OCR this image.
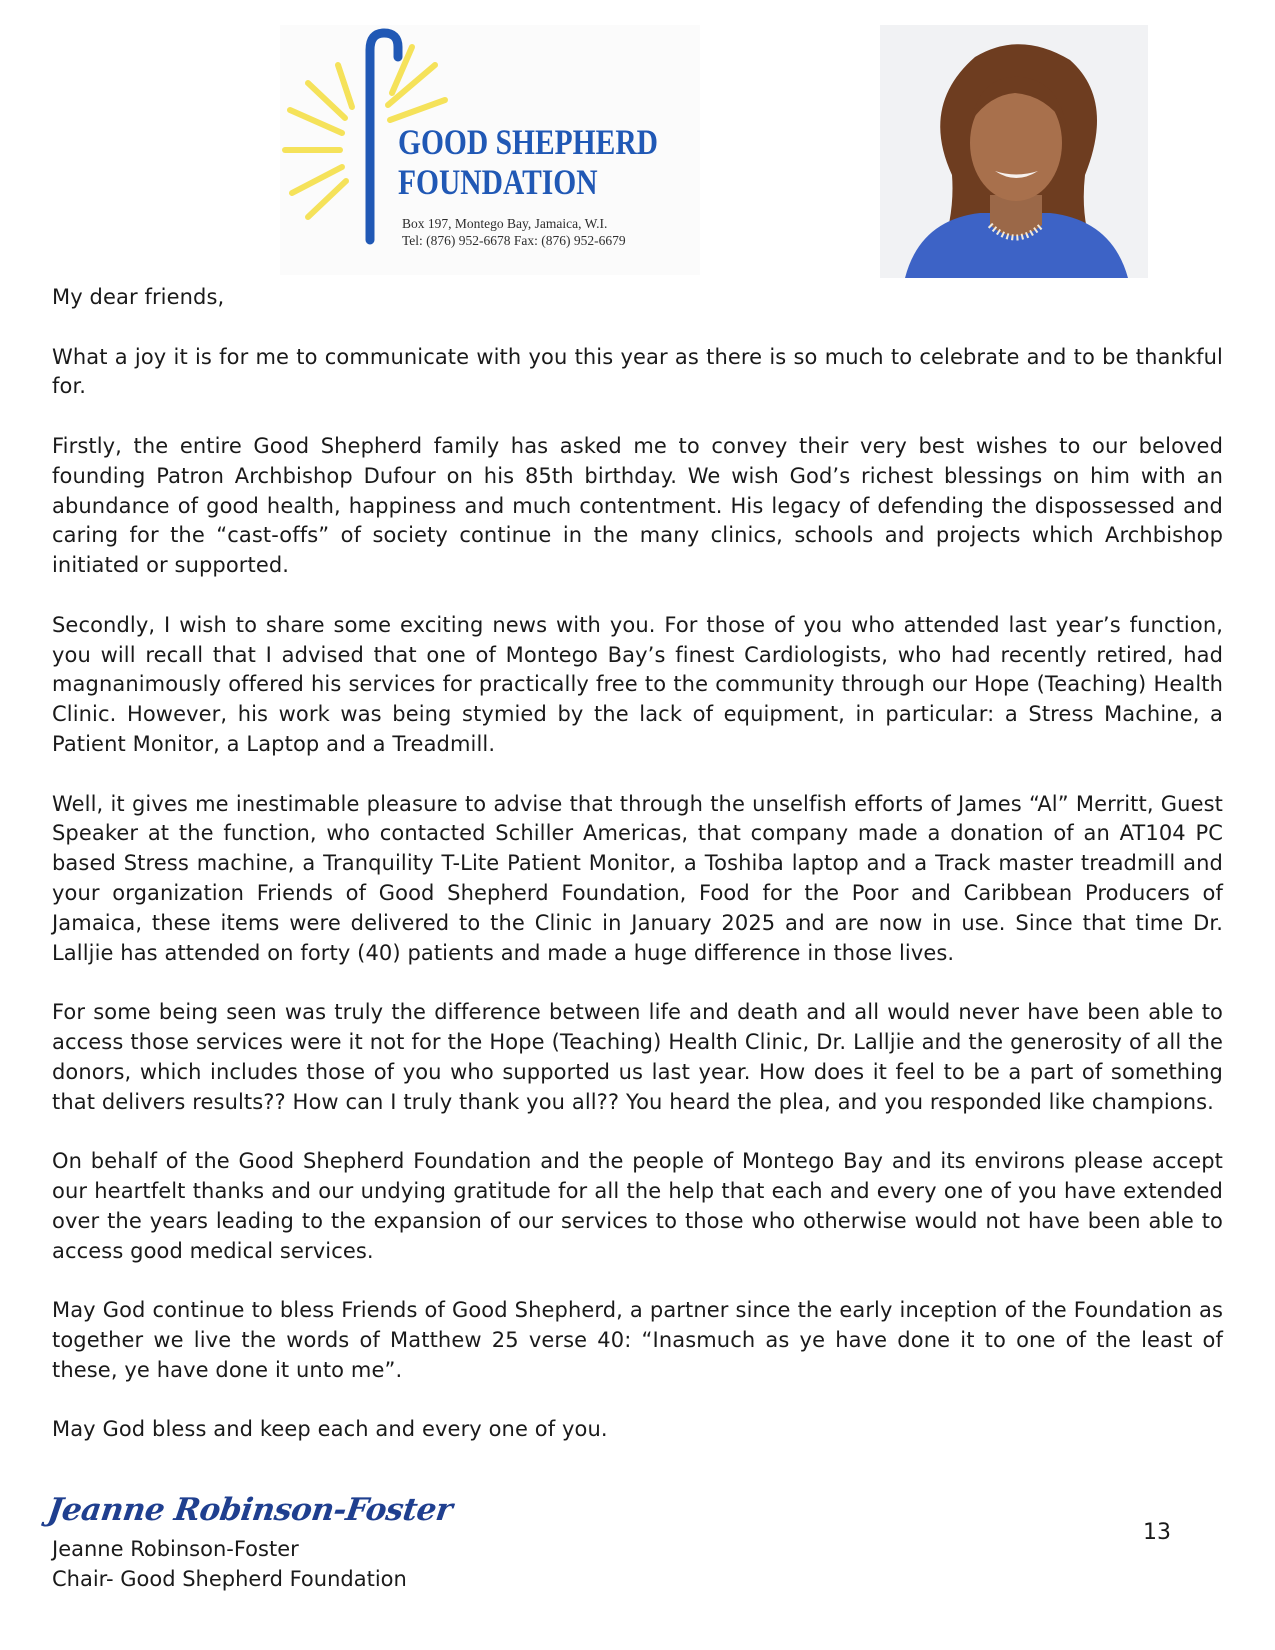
GOOD SHEPHERD
FOUNDATION
Box 197, Montego Bay, Jamaica, W.I.
Tel: (876) 952-6678 Fax: (876) 952-6679

My dear friends,

What a joy it is for me to communicate with you this year as there is so much to celebrate and to be thankful for.

Firstly, the entire Good Shepherd family has asked me to convey their very best wishes to our beloved founding Patron Archbishop Dufour on his 85th birthday. We wish God’s richest blessings on him with an abundance of good health, happiness and much contentment. His legacy of defending the dispossessed and caring for the “cast-offs” of society continue in the many clinics, schools and projects which Archbishop initiated or supported.

Secondly, I wish to share some exciting news with you. For those of you who attended last year’s function, you will recall that I advised that one of Montego Bay’s finest Cardiologists, who had recently retired, had magnanimously offered his services for practically free to the community through our Hope (Teaching) Health Clinic. However, his work was being stymied by the lack of equipment, in particular: a Stress Machine, a Patient Monitor, a Laptop and a Treadmill.

Well, it gives me inestimable pleasure to advise that through the unselfish efforts of James “Al” Merritt, Guest Speaker at the function, who contacted Schiller Americas, that company made a donation of an AT104 PC based Stress machine, a Tranquility T-Lite Patient Monitor, a Toshiba laptop and a Track master treadmill and your organization Friends of Good Shepherd Foundation, Food for the Poor and Caribbean Producers of Jamaica, these items were delivered to the Clinic in January 2025 and are now in use. Since that time Dr. Lalljie has attended on forty (40) patients and made a huge difference in those lives.

For some being seen was truly the difference between life and death and all would never have been able to access those services were it not for the Hope (Teaching) Health Clinic, Dr. Lalljie and the generosity of all the donors, which includes those of you who supported us last year. How does it feel to be a part of something that delivers results?? How can I truly thank you all?? You heard the plea, and you responded like champions.

On behalf of the Good Shepherd Foundation and the people of Montego Bay and its environs please accept our heartfelt thanks and our undying gratitude for all the help that each and every one of you have extended over the years leading to the expansion of our services to those who otherwise would not have been able to access good medical services.

May God continue to bless Friends of Good Shepherd, a partner since the early inception of the Foundation as together we live the words of Matthew 25 verse 40: “Inasmuch as ye have done it to one of the least of these, ye have done it unto me”.

May God bless and keep each and every one of you.

Jeanne Robinson-Foster
Jeanne Robinson-Foster
Chair- Good Shepherd Foundation
13
